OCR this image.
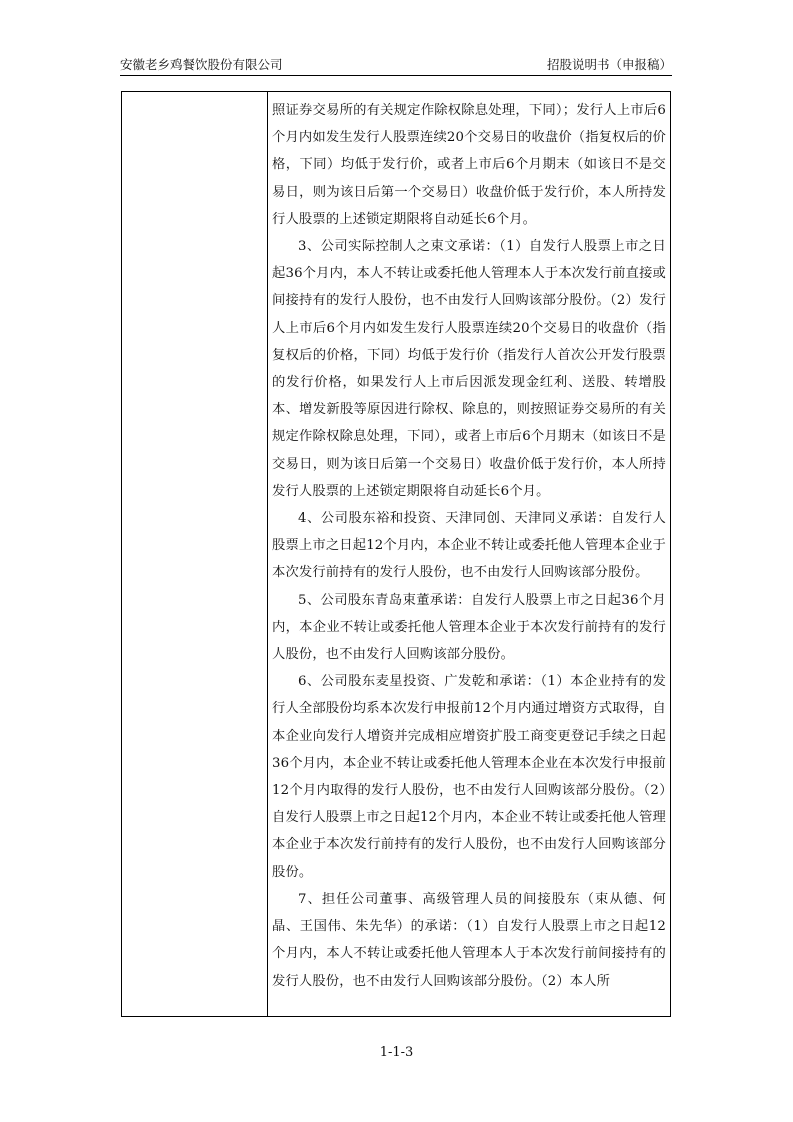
安徽老乡鸡餐饮股份有限公司	招股说明书（申报稿）

照证券交易所的有关规定作除权除息处理，下同）；发行人上市后6个月内如发生发行人股票连续20个交易日的收盘价（指复权后的价格，下同）均低于发行价，或者上市后6个月期末（如该日不是交易日，则为该日后第一个交易日）收盘价低于发行价，本人所持发行人股票的上述锁定期限将自动延长6个月。

3、公司实际控制人之束文承诺：（1）自发行人股票上市之日起36个月内，本人不转让或委托他人管理本人于本次发行前直接或间接持有的发行人股份，也不由发行人回购该部分股份。（2）发行人上市后6个月内如发生发行人股票连续20个交易日的收盘价（指复权后的价格，下同）均低于发行价（指发行人首次公开发行股票的发行价格，如果发行人上市后因派发现金红利、送股、转增股本、增发新股等原因进行除权、除息的，则按照证券交易所的有关规定作除权除息处理，下同），或者上市后6个月期末（如该日不是交易日，则为该日后第一个交易日）收盘价低于发行价，本人所持发行人股票的上述锁定期限将自动延长6个月。

4、公司股东裕和投资、天津同创、天津同义承诺：自发行人股票上市之日起12个月内，本企业不转让或委托他人管理本企业于本次发行前持有的发行人股份，也不由发行人回购该部分股份。

5、公司股东青岛束董承诺：自发行人股票上市之日起36个月内，本企业不转让或委托他人管理本企业于本次发行前持有的发行人股份，也不由发行人回购该部分股份。

6、公司股东麦星投资、广发乾和承诺：（1）本企业持有的发行人全部股份均系本次发行申报前12个月内通过增资方式取得，自本企业向发行人增资并完成相应增资扩股工商变更登记手续之日起36个月内，本企业不转让或委托他人管理本企业在本次发行申报前12个月内取得的发行人股份，也不由发行人回购该部分股份。（2）自发行人股票上市之日起12个月内，本企业不转让或委托他人管理本企业于本次发行前持有的发行人股份，也不由发行人回购该部分股份。

7、担任公司董事、高级管理人员的间接股东（束从德、何晶、王国伟、朱先华）的承诺：（1）自发行人股票上市之日起12个月内，本人不转让或委托他人管理本人于本次发行前间接持有的发行人股份，也不由发行人回购该部分股份。（2）本人所

1-1-3
